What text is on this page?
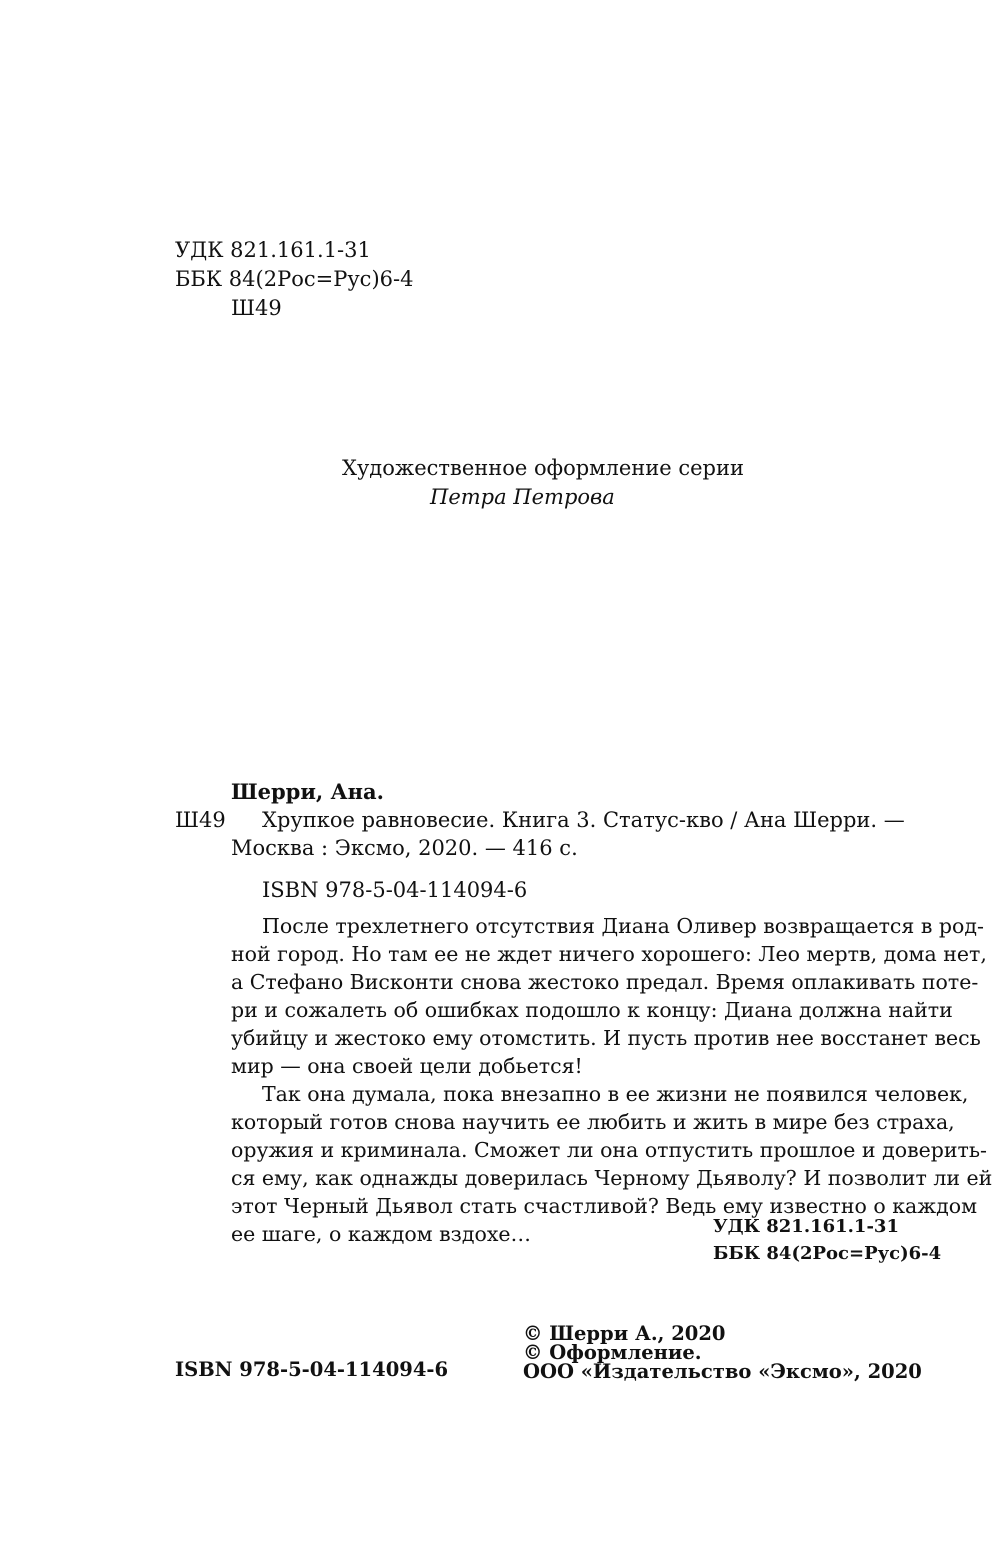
УДК 821.161.1-31
ББК 84(2Рос=Рус)6-4
Ш49
Художественное оформление серии
Петра Петрова
Шерри, Ана.
Ш49 Хрупкое равновесие. Книга 3. Статус-кво / Ана Шерри. —
Москва : Эксмо, 2020. — 416 с.
ISBN 978-5-04-114094-6
После трехлетнего отсутствия Диана Оливер возвращается в род-
ной город. Но там ее не ждет ничего хорошего: Лео мертв, дома нет,
а Стефано Висконти снова жестоко предал. Время оплакивать поте-
ри и сожалеть об ошибках подошло к концу: Диана должна найти
убийцу и жестоко ему отомстить. И пусть против нее восстанет весь
мир — она своей цели добьется!
Так она думала, пока внезапно в ее жизни не появился человек,
который готов снова научить ее любить и жить в мире без страха,
оружия и криминала. Сможет ли она отпустить прошлое и доверить-
ся ему, как однажды доверилась Черному Дьяволу? И позволит ли ей
этот Черный Дьявол стать счастливой? Ведь ему известно о каждом
ее шаге, о каждом вздохе…	УДК 821.161.1-31
ББК 84(2Рос=Рус)6-4
ISBN 978-5-04-114094-6
© Шерри А., 2020
© Оформление.
ООО «Издательство «Эксмо», 2020
